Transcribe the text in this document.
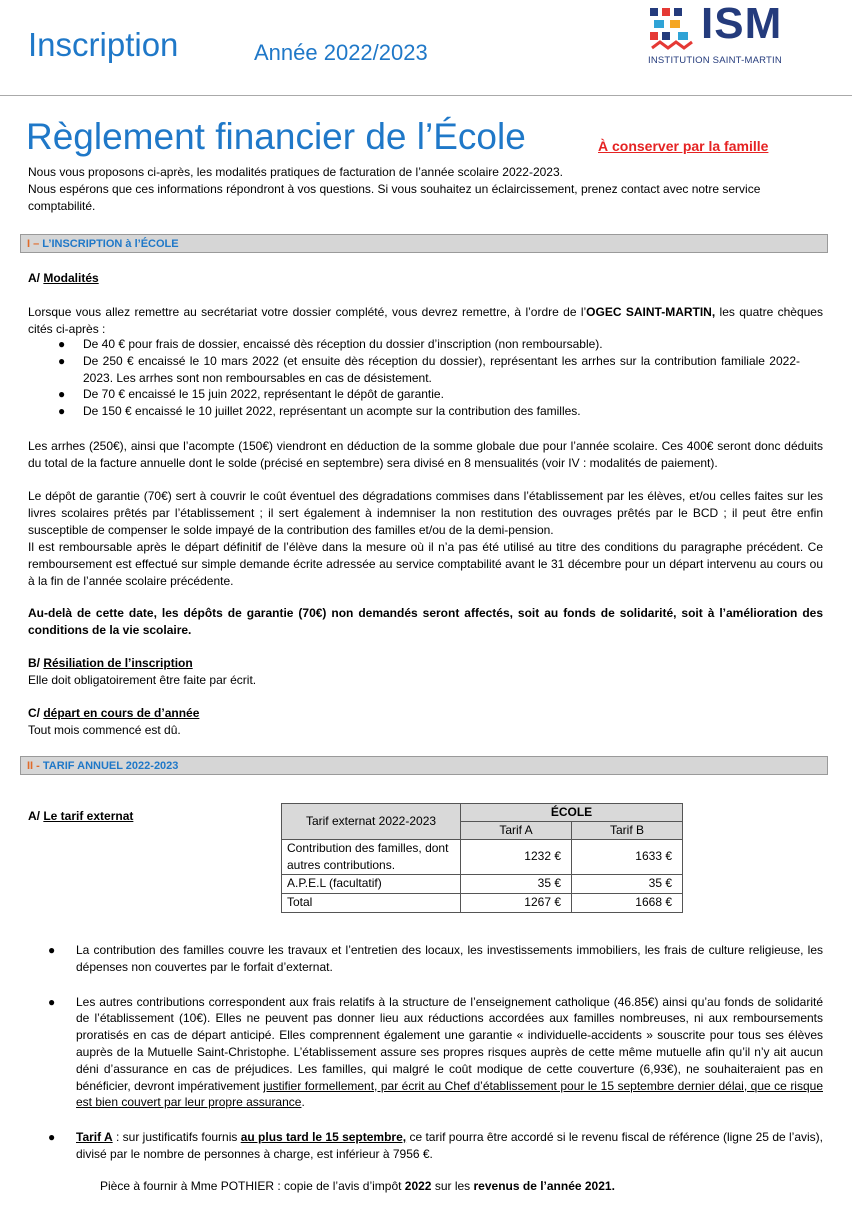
Inscription	Année 2022/2023
ISM
INSTITUTION SAINT-MARTIN
Règlement financier de l’École	À conserver par la famille
Nous vous proposons ci-après, les modalités pratiques de facturation de l’année scolaire 2022-2023.
Nous espérons que ces informations répondront à vos questions. Si vous souhaitez un éclaircissement, prenez contact avec notre service comptabilité.
I – L’INSCRIPTION à l’ÉCOLE
A/ Modalités
Lorsque vous allez remettre au secrétariat votre dossier complété, vous devrez remettre, à l’ordre de l’OGEC SAINT-MARTIN, les quatre chèques cités ci-après :
● De 40 € pour frais de dossier, encaissé dès réception du dossier d’inscription (non remboursable).
● De 250 € encaissé le 10 mars 2022 (et ensuite dès réception du dossier), représentant les arrhes sur la contribution familiale 2022-2023. Les arrhes sont non remboursables en cas de désistement.
● De 70 € encaissé le 15 juin 2022, représentant le dépôt de garantie.
● De 150 € encaissé le 10 juillet 2022, représentant un acompte sur la contribution des familles.
Les arrhes (250€), ainsi que l’acompte (150€) viendront en déduction de la somme globale due pour l’année scolaire. Ces 400€ seront donc déduits du total de la facture annuelle dont le solde (précisé en septembre) sera divisé en 8 mensualités (voir IV : modalités de paiement).
Le dépôt de garantie (70€) sert à couvrir le coût éventuel des dégradations commises dans l’établissement par les élèves, et/ou celles faites sur les livres scolaires prêtés par l’établissement ; il sert également à indemniser la non restitution des ouvrages prêtés par le BCD ; il peut être enfin susceptible de compenser le solde impayé de la contribution des familles et/ou de la demi-pension.
Il est remboursable après le départ définitif de l’élève dans la mesure où il n’a pas été utilisé au titre des conditions du paragraphe précédent. Ce remboursement est effectué sur simple demande écrite adressée au service comptabilité avant le 31 décembre pour un départ intervenu au cours ou à la fin de l’année scolaire précédente.
Au-delà de cette date, les dépôts de garantie (70€) non demandés seront affectés, soit au fonds de solidarité, soit à l’amélioration des conditions de la vie scolaire.
B/ Résiliation de l’inscription
Elle doit obligatoirement être faite par écrit.
C/ départ en cours de d’année
Tout mois commencé est dû.
II - TARIF ANNUEL 2022-2023
A/ Le tarif externat	Tarif externat 2022-2023	ÉCOLE	
	Tarif A	Tarif B
Contribution des familles, dont autres contributions.	1232 €	1633 €
A.P.E.L (facultatif)	35 €	35 €
Total	1267 €	1668 €
● La contribution des familles couvre les travaux et l’entretien des locaux, les investissements immobiliers, les frais de culture religieuse, les dépenses non couvertes par le forfait d’externat.
● Les autres contributions correspondent aux frais relatifs à la structure de l’enseignement catholique (46.85€) ainsi qu’au fonds de solidarité de l’établissement (10€). Elles ne peuvent pas donner lieu aux réductions accordées aux familles nombreuses, ni aux remboursements proratisés en cas de départ anticipé. Elles comprennent également une garantie « individuelle-accidents » souscrite pour tous ses élèves auprès de la Mutuelle Saint-Christophe. L’établissement assure ses propres risques auprès de cette même mutuelle afin qu’il n’y ait aucun déni d’assurance en cas de préjudices. Les familles, qui malgré le coût modique de cette couverture (6,93€), ne souhaiteraient pas en bénéficier, devront impérativement justifier formellement, par écrit au Chef d’établissement pour le 15 septembre dernier délai, que ce risque est bien couvert par leur propre assurance.
● Tarif A : sur justificatifs fournis au plus tard le 15 septembre, ce tarif pourra être accordé si le revenu fiscal de référence (ligne 25 de l’avis), divisé par le nombre de personnes à charge, est inférieur à 7956 €.
Pièce à fournir à Mme POTHIER : copie de l’avis d’impôt 2022 sur les revenus de l’année 2021.
